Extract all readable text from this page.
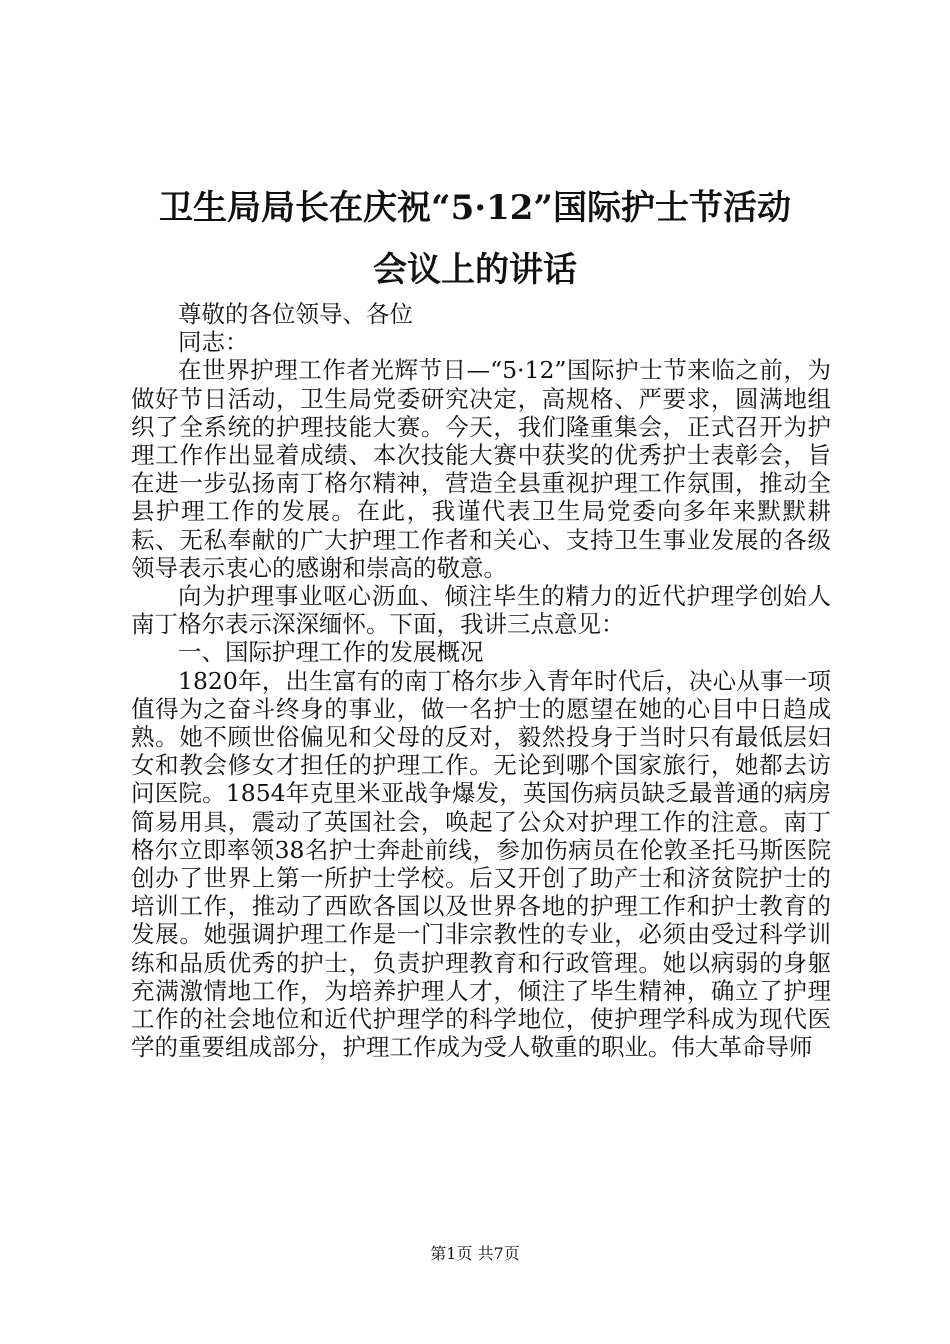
卫生局局长在庆祝“5·12”国际护士节活动
会议上的讲话

尊敬的各位领导、各位

同志：

在世界护理工作者光辉节日—“5·12”国际护士节来临之前，为做好节日活动，卫生局党委研究决定，高规格、严要求，圆满地组织了全系统的护理技能大赛。今天，我们隆重集会，正式召开为护理工作作出显着成绩、本次技能大赛中获奖的优秀护士表彰会，旨在进一步弘扬南丁格尔精神，营造全县重视护理工作氛围，推动全县护理工作的发展。在此，我谨代表卫生局党委向多年来默默耕耘、无私奉献的广大护理工作者和关心、支持卫生事业发展的各级领导表示衷心的感谢和崇高的敬意。

向为护理事业呕心沥血、倾注毕生的精力的近代护理学创始人南丁格尔表示深深缅怀。下面，我讲三点意见：

一、国际护理工作的发展概况

1820年，出生富有的南丁格尔步入青年时代后，决心从事一项值得为之奋斗终身的事业，做一名护士的愿望在她的心目中日趋成熟。她不顾世俗偏见和父母的反对，毅然投身于当时只有最低层妇女和教会修女才担任的护理工作。无论到哪个国家旅行，她都去访问医院。1854年克里米亚战争爆发，英国伤病员缺乏最普通的病房简易用具，震动了英国社会，唤起了公众对护理工作的注意。南丁格尔立即率领38名护士奔赴前线，参加伤病员在伦敦圣托马斯医院创办了世界上第一所护士学校。后又开创了助产士和济贫院护士的培训工作，推动了西欧各国以及世界各地的护理工作和护士教育的发展。她强调护理工作是一门非宗教性的专业，必须由受过科学训练和品质优秀的护士，负责护理教育和行政管理。她以病弱的身躯充满激情地工作，为培养护理人才，倾注了毕生精神，确立了护理工作的社会地位和近代护理学的科学地位，使护理学科成为现代医学的重要组成部分，护理工作成为受人敬重的职业。伟大革命导师

第1页 共7页
